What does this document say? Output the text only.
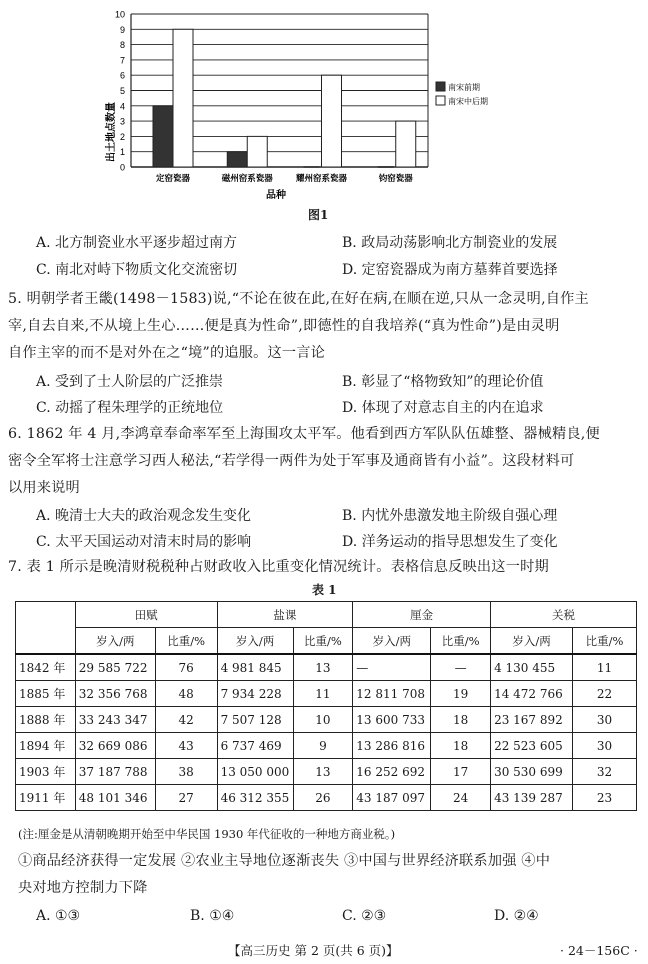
0
1
2
3
4
5
6
7
8
9
10
定窑瓷器	磁州窑系瓷器	耀州窑系瓷器	钧窑瓷器
出土地点数量
品种
南宋前期
南宋中后期
图1
A. 北方制瓷业水平逐步超过南方	B. 政局动荡影响北方制瓷业的发展
C. 南北对峙下物质文化交流密切	D. 定窑瓷器成为南方墓葬首要选择
5. 明朝学者王畿(1498－1583)说,“不论在彼在此,在好在病,在顺在逆,只从一念灵明,自作主
宰,自去自来,不从境上生心……便是真为性命”,即德性的自我培养(“真为性命”)是由灵明
自作主宰的而不是对外在之“境”的追服。这一言论
A. 受到了士人阶层的广泛推崇	B. 彰显了“格物致知”的理论价值
C. 动摇了程朱理学的正统地位	D. 体现了对意志自主的内在追求
6. 1862 年 4 月,李鸿章奉命率军至上海围攻太平军。他看到西方军队队伍雄整、器械精良,便
密令全军将士注意学习西人秘法,“若学得一两件为处于军事及通商皆有小益”。这段材料可
以用来说明
A. 晚清士大夫的政治观念发生变化	B. 内忧外患激发地主阶级自强心理
C. 太平天国运动对清末时局的影响	D. 洋务运动的指导思想发生了变化
7. 表 1 所示是晚清财税税种占财政收入比重变化情况统计。表格信息反映出这一时期
表 1
	田赋		盐课		厘金		关税	
	岁入/两	比重/%	岁入/两	比重/%	岁入/两	比重/%	岁入/两	比重/%
1842 年	29 585 722	76	4 981 845	13	—	—	4 130 455	11
1885 年	32 356 768	48	7 934 228	11	12 811 708	19	14 472 766	22
1888 年	33 243 347	42	7 507 128	10	13 600 733	18	23 167 892	30
1894 年	32 669 086	43	6 737 469	9	13 286 816	18	22 523 605	30
1903 年	37 187 788	38	13 050 000	13	16 252 692	17	30 530 699	32
1911 年	48 101 346	27	46 312 355	26	43 187 097	24	43 139 287	23
(注:厘金是从清朝晚期开始至中华民国 1930 年代征收的一种地方商业税。)
①商品经济获得一定发展 ②农业主导地位逐渐丧失 ③中国与世界经济联系加强 ④中
央对地方控制力下降
A. ①③	B. ①④	C. ②③	D. ②④
【高三历史 第 2 页(共 6 页)】	· 24－156C ·
